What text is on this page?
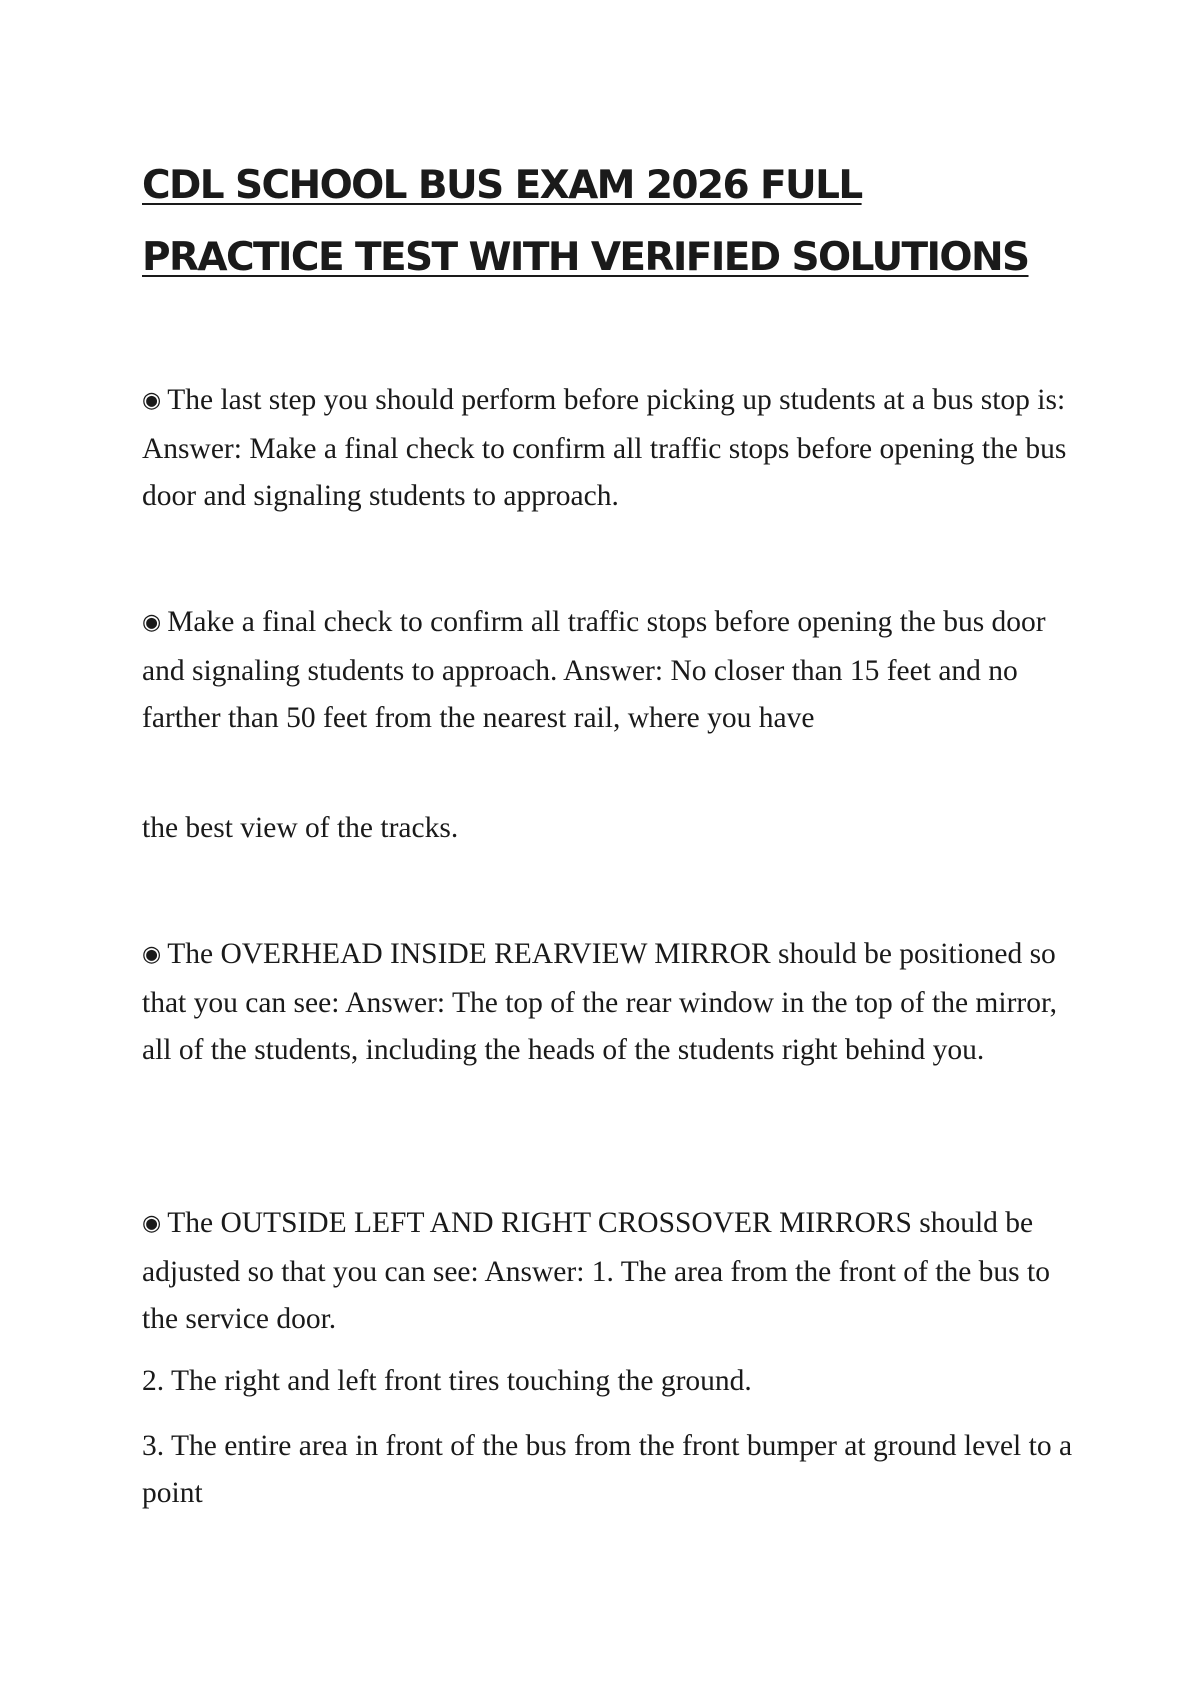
CDL SCHOOL BUS EXAM 2026 FULL
PRACTICE TEST WITH VERIFIED SOLUTIONS

◉ The last step you should perform before picking up students at a bus stop is: Answer: Make a final check to confirm all traffic stops before opening the bus door and signaling students to approach.

◉ Make a final check to confirm all traffic stops before opening the bus door and signaling students to approach. Answer: No closer than 15 feet and no farther than 50 feet from the nearest rail, where you have

the best view of the tracks.

◉ The OVERHEAD INSIDE REARVIEW MIRROR should be positioned so that you can see: Answer: The top of the rear window in the top of the mirror, all of the students, including the heads of the students right behind you.

◉ The OUTSIDE LEFT AND RIGHT CROSSOVER MIRRORS should be adjusted so that you can see: Answer: 1. The area from the front of the bus to the service door.

2. The right and left front tires touching the ground.

3. The entire area in front of the bus from the front bumper at ground level to a point
